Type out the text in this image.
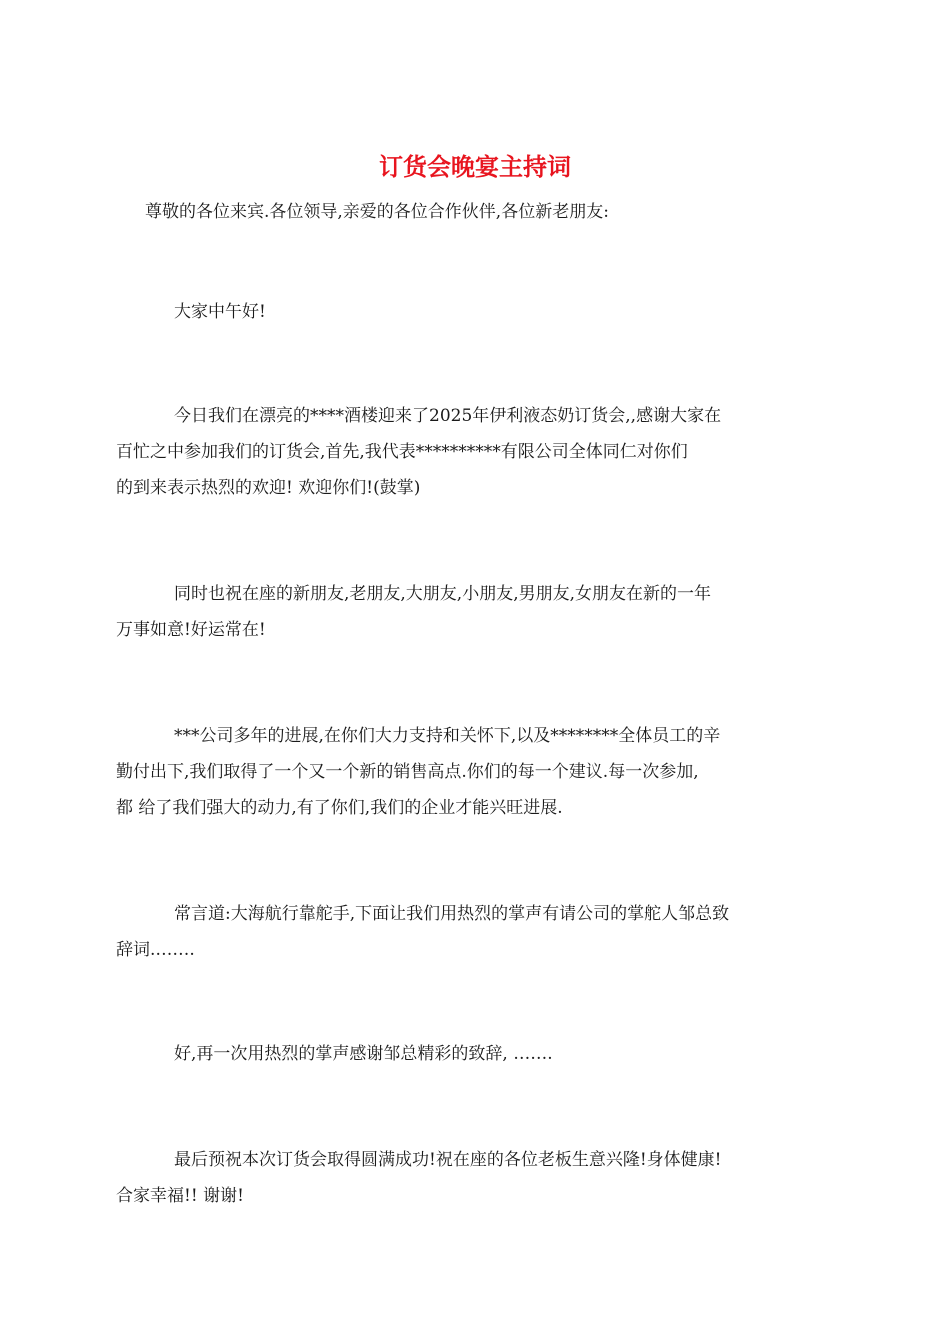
订货会晚宴主持词

尊敬的各位来宾.各位领导,亲爱的各位合作伙伴,各位新老朋友:

大家中午好!

今日我们在漂亮的****酒楼迎来了2025年伊利液态奶订货会,,感谢大家在
百忙之中参加我们的订货会,首先,我代表**********有限公司全体同仁对你们
的到来表示热烈的欢迎! 欢迎你们!(鼓掌)

同时也祝在座的新朋友,老朋友,大朋友,小朋友,男朋友,女朋友在新的一年
万事如意!好运常在!

***公司多年的进展,在你们大力支持和关怀下,以及********全体员工的辛
勤付出下,我们取得了一个又一个新的销售高点.你们的每一个建议.每一次参加,
都 给了我们强大的动力,有了你们,我们的企业才能兴旺进展.

常言道:大海航行靠舵手,下面让我们用热烈的掌声有请公司的掌舵人邹总致
辞词.…….

好,再一次用热烈的掌声感谢邹总精彩的致辞, …….

最后预祝本次订货会取得圆满成功!祝在座的各位老板生意兴隆!身体健康!
合家幸福!! 谢谢!
